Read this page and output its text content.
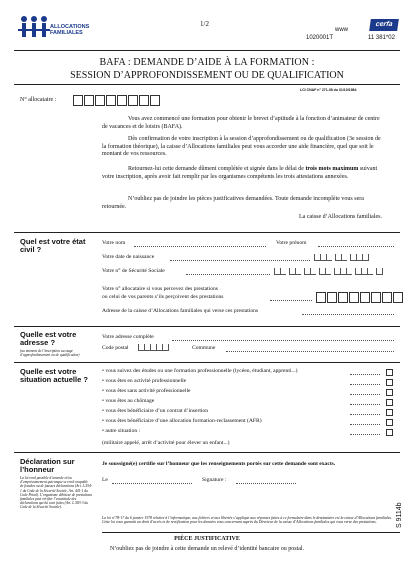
ALLOCATIONS FAMILIALES
1/2	cerfa
www
1020001T	11 381*02
BAFA : DEMANDE D’AIDE À LA FORMATION :
SESSION D’APPROFONDISSEMENT OU DE QUALIFICATION
LCI CNAF n° 271-08 du 31/10/1984
N° allocataire :
Vous avez commencé une formation pour obtenir le brevet d’aptitude à la fonction d’animateur de centre de vacances et de loisirs (BAFA).
Dès confirmation de votre inscription à la session d’approfondissement ou de qualification (3e session de la formation théorique), la caisse d’Allocations familiales peut vous accorder une aide financière, quel que soit le montant de vos ressources.
Retournez-lui cette demande dûment complétée et signée dans le délai de trois mots maximum suivant votre inscription, après avoir fait remplir par les organismes compétents les trois attestations annexées.
N’oubliez pas de joindre les pièces justificatives demandées. Toute demande incomplète vous sera retournée.
La caisse d’Allocations familiales.
Quel est votre état civil ?
Votre nom	Votre prénom
Votre date de naissance
Votre n° de Sécurité Sociale
Votre n° allocataire si vous percevez des prestations
ou celui de vos parents s’ils perçoivent des prestations
Adresse de la caisse d’Allocations familiales qui verse ces prestations
Quelle est votre adresse ?
(au moment de l’inscription au stage d’approfondissement ou de qualification)
Votre adresse complète
Code postal	Commune
Quelle est votre situation actuelle ?
• vous suivez des études ou une formation professionnelle (lycéen, étudiant, apprenti...)
• vous êtes en activité professionnelle
• vous êtes sans activité professionnelle
• vous êtes au chômage
• vous êtes bénéficiaire d’un contrat d’insertion
• vous êtes bénéficiaire d’une allocation formation-reclassement (AFR)
• autre situation :
(militaire appelé, arrêt d’activité pour élever un enfant...)
Déclaration sur l’honneur
La loi rend passible d’amende et/ou d’emprisonnement quiconque se rend coupable de fraudes ou de fausses déclarations (Art. L.554-1 du Code de la Sécurité Sociale, Art. 441-1 du Code Pénal). L’organisme débiteur de prestations familiales peut vérifier l’exactitude des déclarations qui lui sont faites (Art. L.583-3 du Code de la Sécurité Sociale).
Je soussigné(e) certifie sur l’honneur que les renseignements portés sur cette demande sont exacts.
Le	Signature :
La loi n°78-17 du 6 janvier 1978 relative à l’informatique, aux fichiers et aux libertés s’applique aux réponses faites à ce formulaire dans le destinataire est la caisse d’Allocations familiales. Cette loi vous garantit un droit d’accès et de rectification pour les données vous concernant auprès du Directeur de la caisse d’Allocations familiales qui vous verse des prestations.
PIÈCE JUSTIFICATIVE
N’oubliez pas de joindre à cette demande un relevé d’identité bancaire ou postal.
S 9114b
